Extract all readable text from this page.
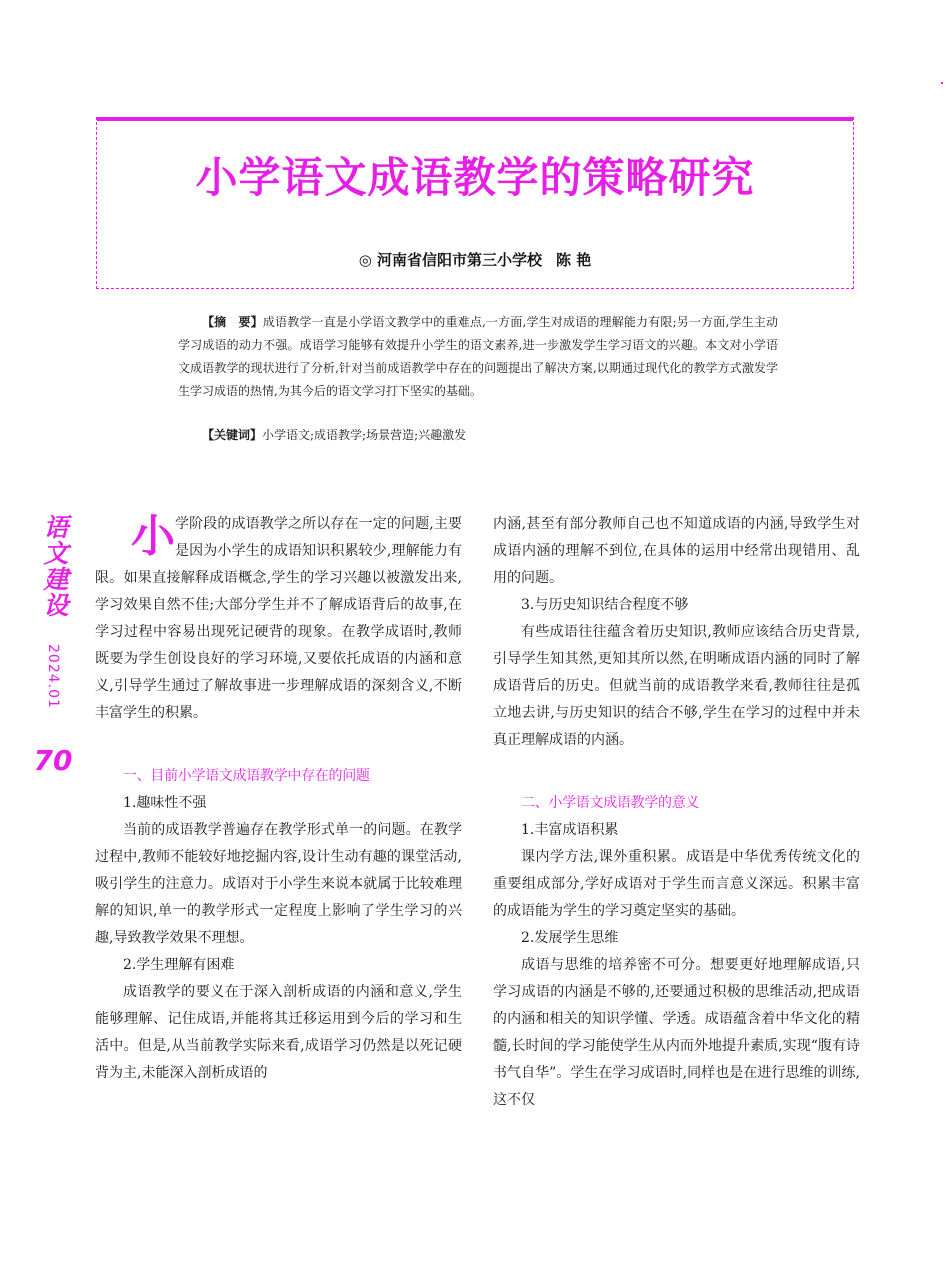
小学语文成语教学的策略研究
◎ 河南省信阳市第三小学校 陈 艳
【摘　要】成语教学一直是小学语文教学中的重难点,一方面,学生对成语的理解能力有限;另一方面,学生主动学习成语的动力不强。成语学习能够有效提升小学生的语文素养,进一步激发学生学习语文的兴趣。本文对小学语文成语教学的现状进行了分析,针对当前成语教学中存在的问题提出了解决方案,以期通过现代化的教学方式激发学生学习成语的热情,为其今后的语文学习打下坚实的基础。
【关键词】小学语文;成语教学;场景营造;兴趣激发
语文建设
2024.01
70

小学阶段的成语教学之所以存在一定的问题,主要是因为小学生的成语知识积累较少,理解能力有限。如果直接解释成语概念,学生的学习兴趣以被激发出来,学习效果自然不佳;大部分学生并不了解成语背后的故事,在学习过程中容易出现死记硬背的现象。在教学成语时,教师既要为学生创设良好的学习环境,又要依托成语的内涵和意义,引导学生通过了解故事进一步理解成语的深刻含义,不断丰富学生的积累。

一、目前小学语文成语教学中存在的问题

1.趣味性不强

当前的成语教学普遍存在教学形式单一的问题。在教学过程中,教师不能较好地挖掘内容,设计生动有趣的课堂活动,吸引学生的注意力。成语对于小学生来说本就属于比较难理解的知识,单一的教学形式一定程度上影响了学生学习的兴趣,导致教学效果不理想。

2.学生理解有困难

成语教学的要义在于深入剖析成语的内涵和意义,学生能够理解、记住成语,并能将其迁移运用到今后的学习和生活中。但是,从当前教学实际来看,成语学习仍然是以死记硬背为主,未能深入剖析成语的

内涵,甚至有部分教师自己也不知道成语的内涵,导致学生对成语内涵的理解不到位,在具体的运用中经常出现错用、乱用的问题。

3.与历史知识结合程度不够

有些成语往往蕴含着历史知识,教师应该结合历史背景,引导学生知其然,更知其所以然,在明晰成语内涵的同时了解成语背后的历史。但就当前的成语教学来看,教师往往是孤立地去讲,与历史知识的结合不够,学生在学习的过程中并未真正理解成语的内涵。

二、小学语文成语教学的意义

1.丰富成语积累

课内学方法,课外重积累。成语是中华优秀传统文化的重要组成部分,学好成语对于学生而言意义深远。积累丰富的成语能为学生的学习奠定坚实的基础。

2.发展学生思维

成语与思维的培养密不可分。想要更好地理解成语,只学习成语的内涵是不够的,还要通过积极的思维活动,把成语的内涵和相关的知识学懂、学透。成语蕴含着中华文化的精髓,长时间的学习能使学生从内而外地提升素质,实现“腹有诗书气自华”。学生在学习成语时,同样也是在进行思维的训练,这不仅
